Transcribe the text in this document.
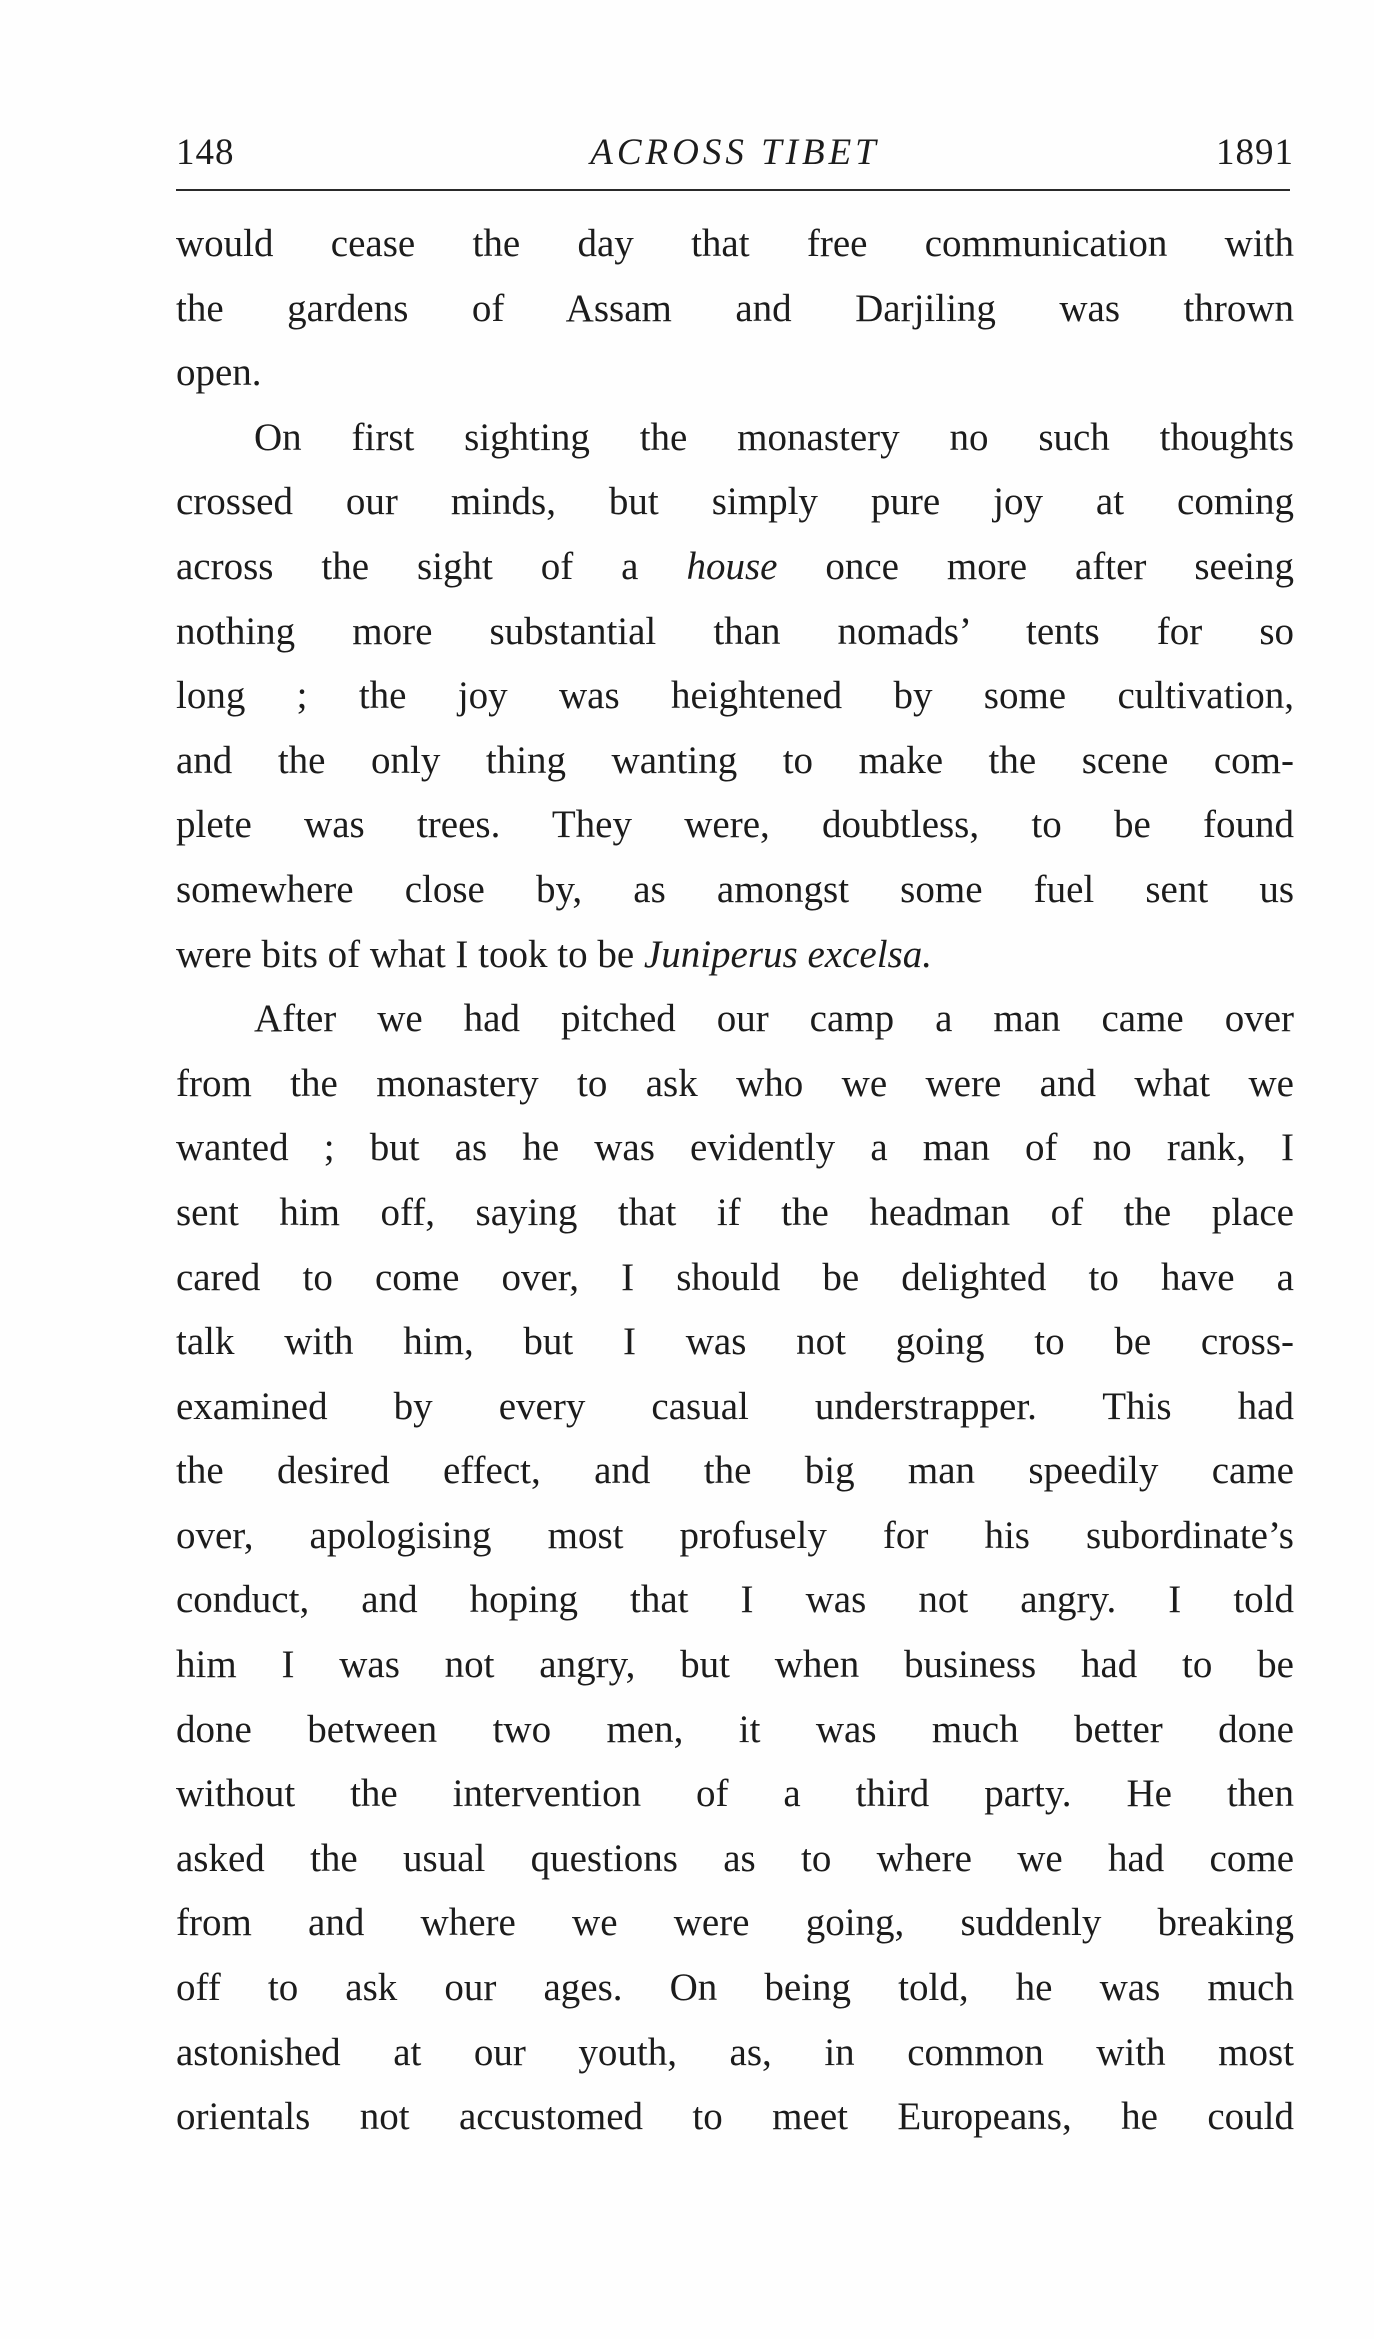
148	ACROSS TIBET	1891
would cease the day that free communication with
the gardens of Assam and Darjiling was thrown
open.
On first sighting the monastery no such thoughts
crossed our minds, but simply pure joy at coming
across the sight of a house once more after seeing
nothing more substantial than nomads’ tents for so
long ; the joy was heightened by some cultivation,
and the only thing wanting to make the scene com-
plete was trees. They were, doubtless, to be found
somewhere close by, as amongst some fuel sent us
were bits of what I took to be Juniperus excelsa.
After we had pitched our camp a man came over
from the monastery to ask who we were and what we
wanted ; but as he was evidently a man of no rank, I
sent him off, saying that if the headman of the place
cared to come over, I should be delighted to have a
talk with him, but I was not going to be cross-
examined by every casual understrapper. This had
the desired effect, and the big man speedily came
over, apologising most profusely for his subordinate’s
conduct, and hoping that I was not angry. I told
him I was not angry, but when business had to be
done between two men, it was much better done
without the intervention of a third party. He then
asked the usual questions as to where we had come
from and where we were going, suddenly breaking
off to ask our ages. On being told, he was much
astonished at our youth, as, in common with most
orientals not accustomed to meet Europeans, he could
